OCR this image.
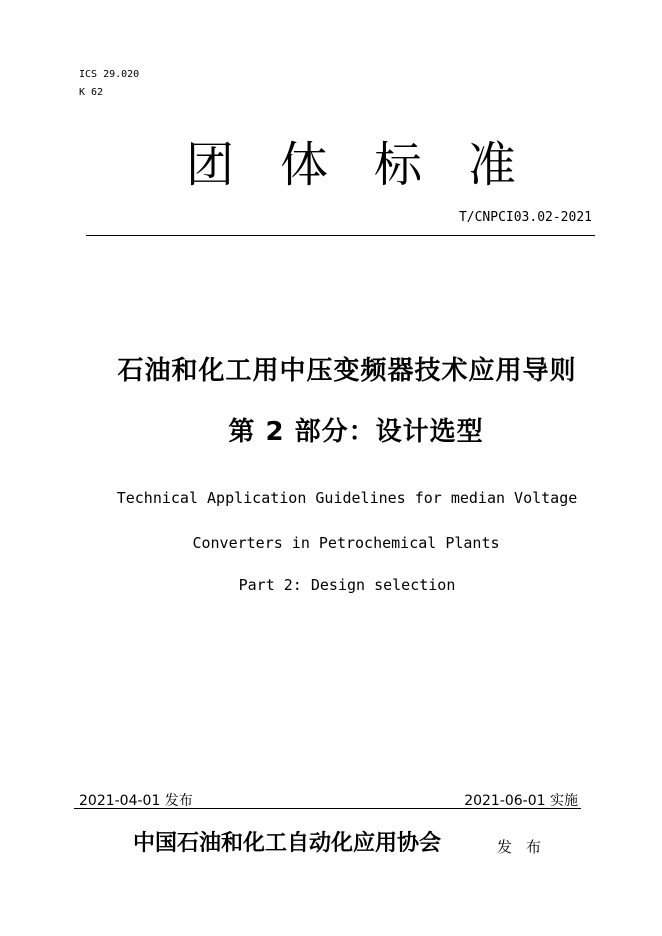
ICS 29.020
K 62
团 体 标 准
T/CNPCI03.02-2021
石油和化工用中压变频器技术应用导则
第 2 部分：设计选型
Technical Application Guidelines for median Voltage
Converters in Petrochemical Plants
Part 2: Design selection
2021-04-01 发布	2021-06-01 实施
中国石油和化工自动化应用协会	发布
